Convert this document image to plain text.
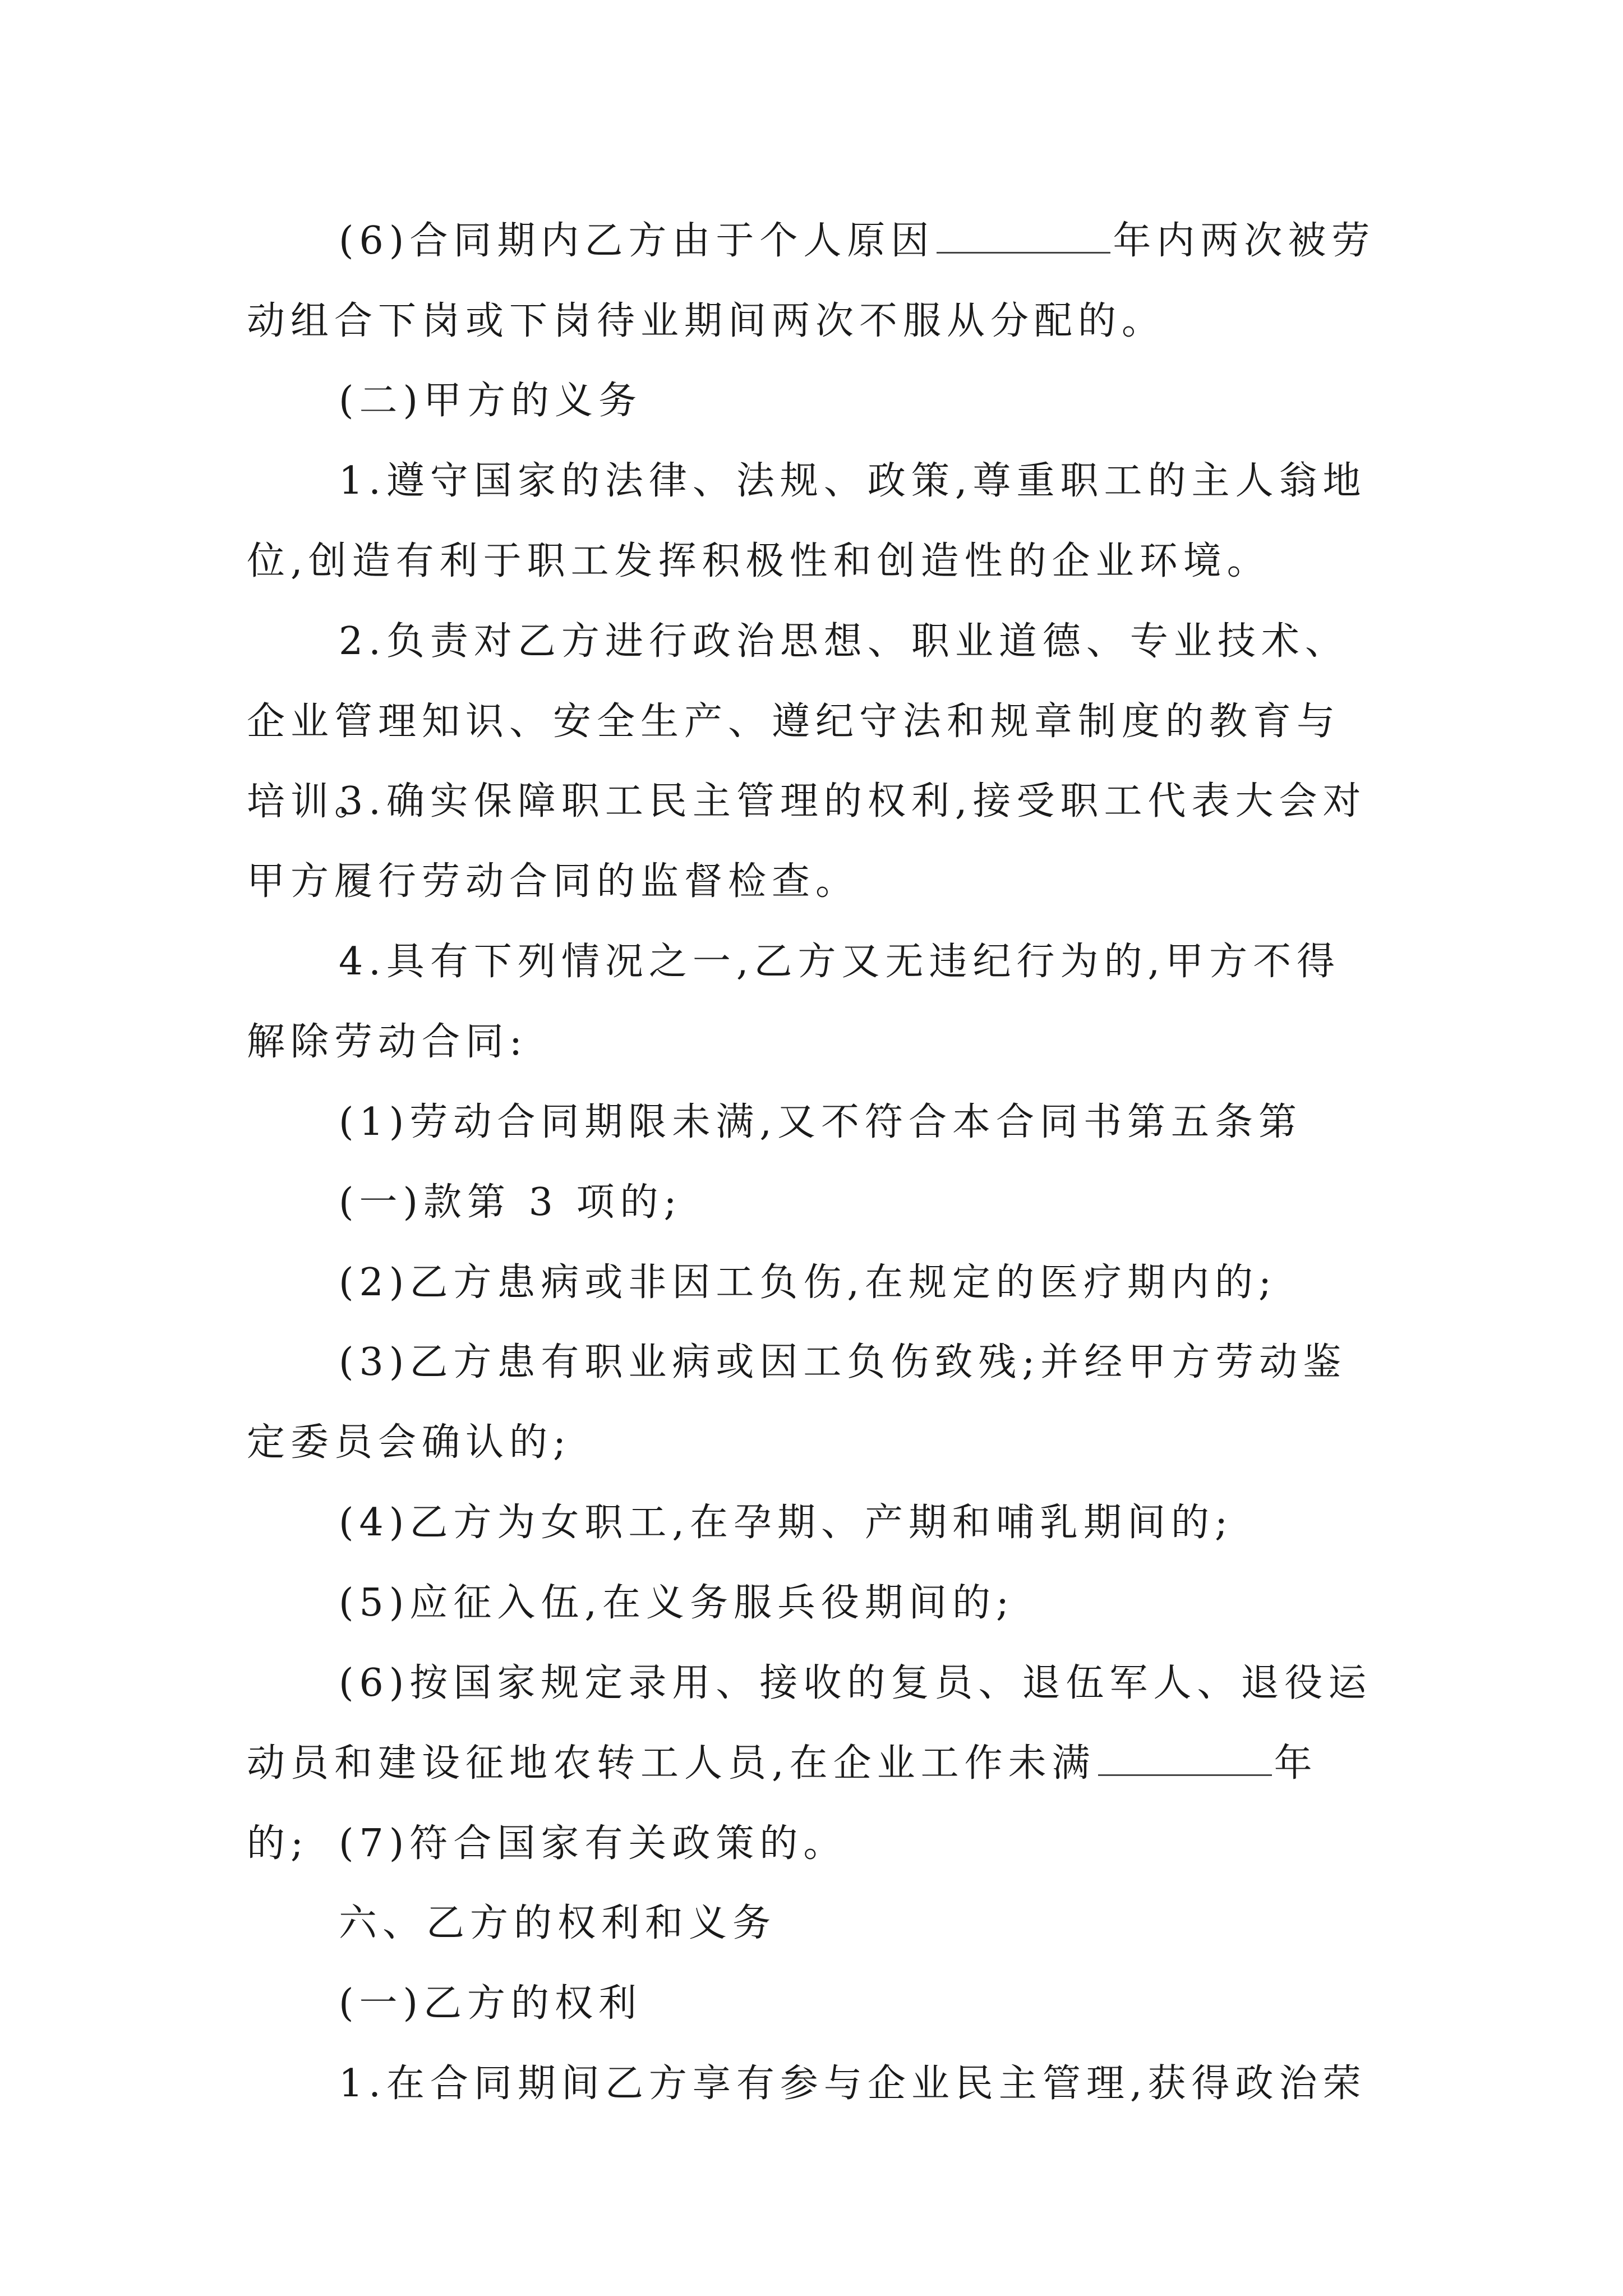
(6)合同期内乙方由于个人原因	年内两次被劳动组合下岗或下岗待业期间两次不服从分配的。

(二)甲方的义务

1.遵守国家的法律、法规、政策,尊重职工的主人翁地位,创造有利于职工发挥积极性和创造性的企业环境。

2.负责对乙方进行政治思想、职业道德、专业技术、企业管理知识、安全生产、遵纪守法和规章制度的教育与培训。

3.确实保障职工民主管理的权利,接受职工代表大会对甲方履行劳动合同的监督检查。

4.具有下列情况之一,乙方又无违纪行为的,甲方不得解除劳动合同:

(1)劳动合同期限未满,又不符合本合同书第五条第

(一)款第 3 项的;

(2)乙方患病或非因工负伤,在规定的医疗期内的;

(3)乙方患有职业病或因工负伤致残;并经甲方劳动鉴定委员会确认的;

(4)乙方为女职工,在孕期、产期和哺乳期间的;

(5)应征入伍,在义务服兵役期间的;

(6)按国家规定录用、接收的复员、退伍军人、退役运动员和建设征地农转工人员,在企业工作未满	年的; (7)符合国家有关政策的。

六、乙方的权利和义务

(一)乙方的权利

1.在合同期间乙方享有参与企业民主管理,获得政治荣
